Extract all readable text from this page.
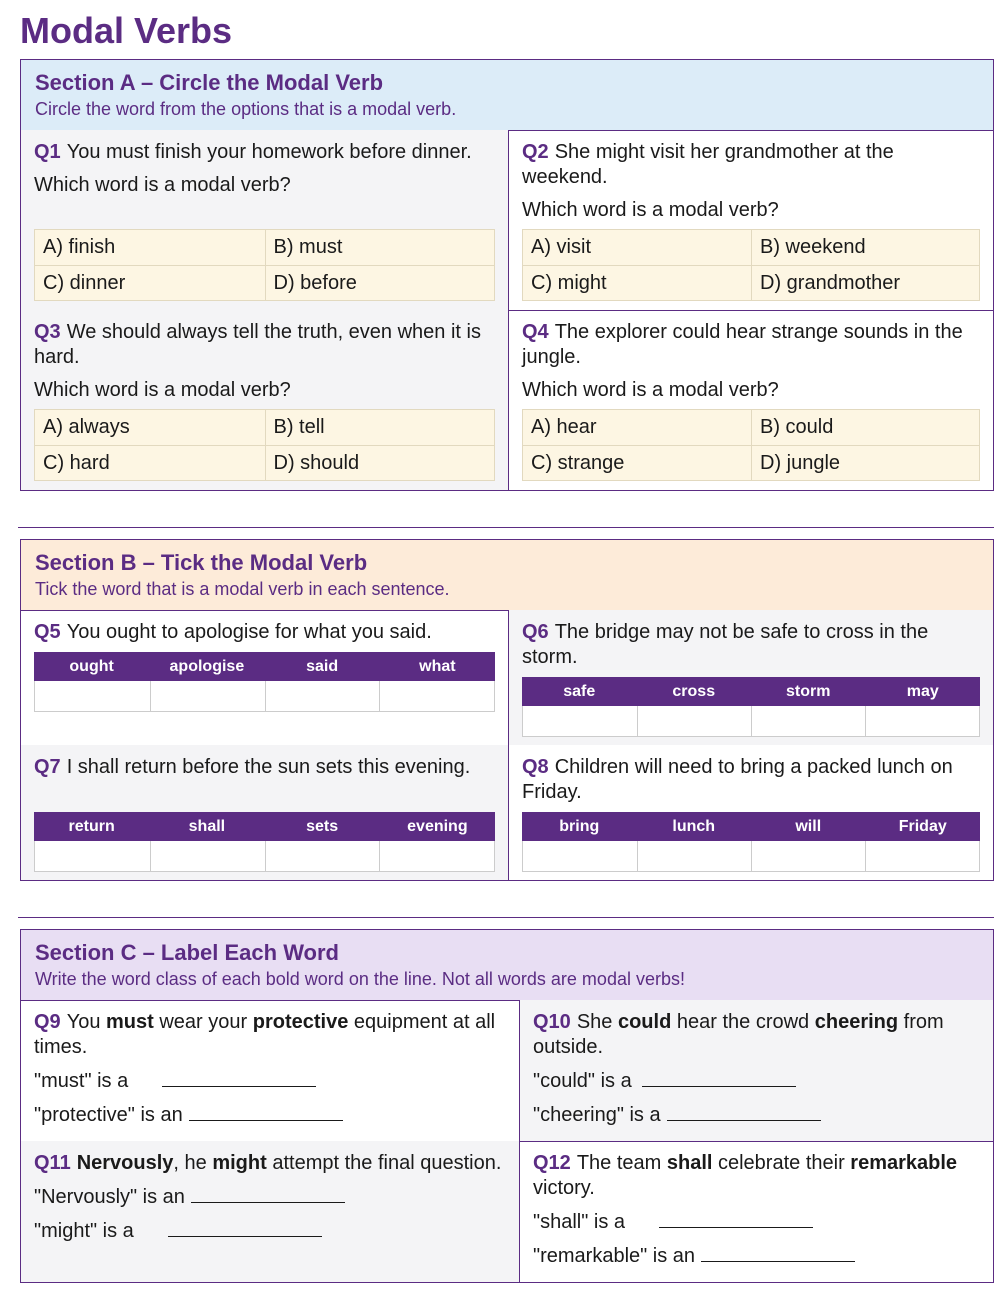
Modal Verbs
Section A – Circle the Modal Verb
Circle the word from the options that is a modal verb.
Q1 You must finish your homework before dinner.
Which word is a modal verb?
A) finish	B) must
C) dinner	D) before
Q2 She might visit her grandmother at the weekend.
Which word is a modal verb?
A) visit	B) weekend
C) might	D) grandmother
Q3 We should always tell the truth, even when it is hard.
Which word is a modal verb?
A) always	B) tell
C) hard	D) should
Q4 The explorer could hear strange sounds in the jungle.
Which word is a modal verb?
A) hear	B) could
C) strange	D) jungle
Section B – Tick the Modal Verb
Tick the word that is a modal verb in each sentence.
Q5 You ought to apologise for what you said.
ought	apologise	said	what
Q6 The bridge may not be safe to cross in the storm.
safe	cross	storm	may
Q7 I shall return before the sun sets this evening.
return	shall	sets	evening
Q8 Children will need to bring a packed lunch on Friday.
bring	lunch	will	Friday
Section C – Label Each Word
Write the word class of each bold word on the line. Not all words are modal verbs!
Q9 You must wear your protective equipment at all times.
"must" is a
"protective" is an
Q10 She could hear the crowd cheering from outside.
"could" is a
"cheering" is a
Q11 Nervously, he might attempt the final question.
"Nervously" is an
"might" is a
Q12 The team shall celebrate their remarkable victory.
"shall" is a
"remarkable" is an
